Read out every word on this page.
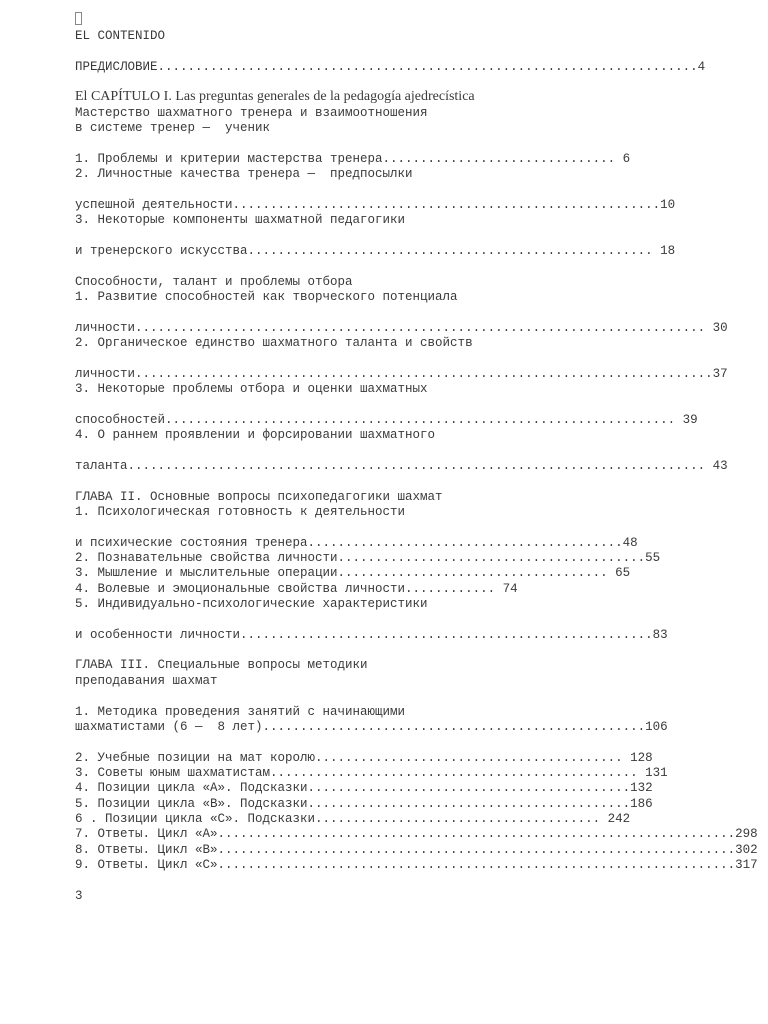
EL CONTENIDO
ПРЕДИСЛОВИЕ........................................................................4
El CAPÍTULO I. Las preguntas generales de la pedagogía ajedrecística
Мастерство шахматного тренера и взаимоотношения
в системе тренер —  ученик
1. Проблемы и критерии мастерства тренера............................... 6
2. Личностные качества тренера —  предпосылки
успешной деятельности.........................................................10
3. Некоторые компоненты шахматной педагогики
и тренерского искусства...................................................... 18
Способности, талант и проблемы отбора
1. Развитие способностей как творческого потенциала
личности............................................................................ 30
2. Органическое единство шахматного таланта и свойств
личности.............................................................................37
3. Некоторые проблемы отбора и оценки шахматных
способностей.................................................................... 39
4. О раннем проявлении и форсировании шахматного
таланта............................................................................. 43
ГЛАВА II. Основные вопросы психопедагогики шахмат
1. Психологическая готовность к деятельности
и психические состояния тренера..........................................48
2. Познавательные свойства личности.........................................55
3. Мышление и мыслительные операции.................................... 65
4. Волевые и эмоциональные свойства личности............ 74
5. Индивидуально-психологические характеристики
и особенности личности.......................................................83
ГЛАВА III. Специальные вопросы методики
преподавания шахмат
1. Методика проведения занятий с начинающими
шахматистами (6 —  8 лет)...................................................106
2. Учебные позиции на мат королю......................................... 128
3. Советы юным шахматистам................................................. 131
4. Позиции цикла «А». Подсказки...........................................132
5. Позиции цикла «В». Подсказки...........................................186
6 . Позиции цикла «С». Подсказки...................................... 242
7. Ответы. Цикл «А».....................................................................298
8. Ответы. Цикл «В».....................................................................302
9. Ответы. Цикл «С».....................................................................317
3
